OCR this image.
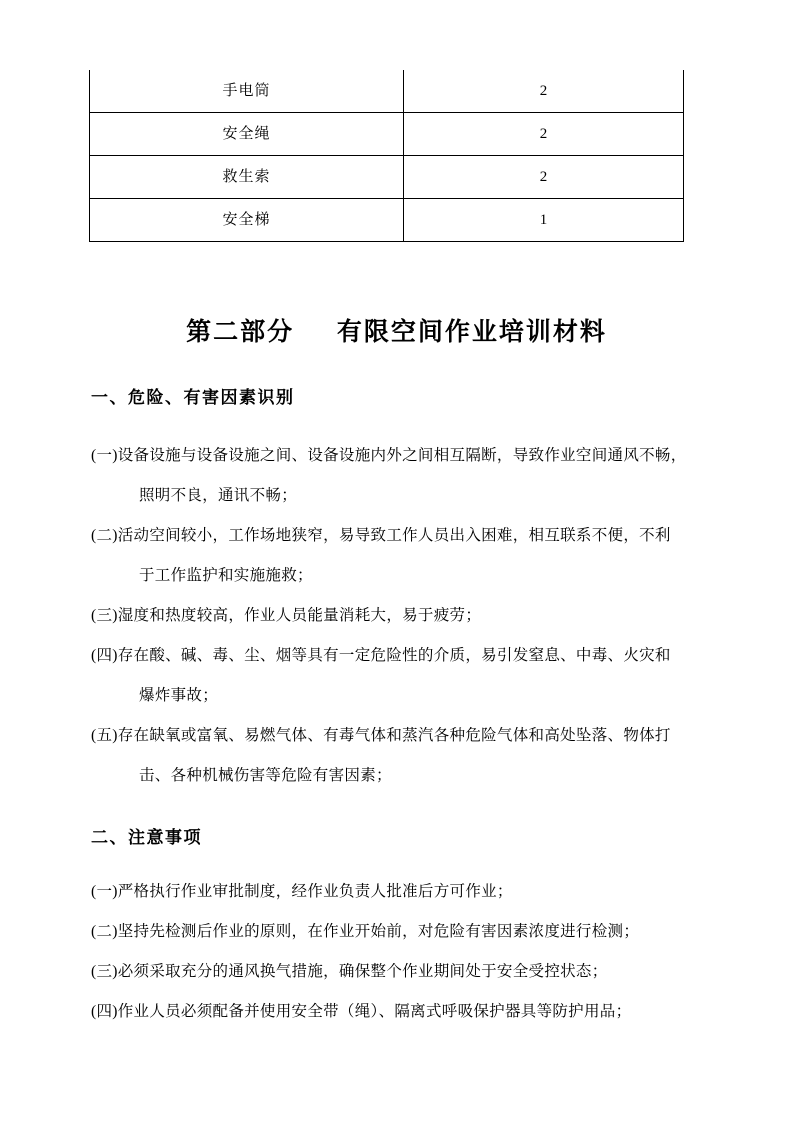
手电筒	2
安全绳	2
救生索	2
安全梯	1
第二部分    有限空间作业培训材料
一、危险、有害因素识别
(一)设备设施与设备设施之间、设备设施内外之间相互隔断，导致作业空间通风不畅，
照明不良，通讯不畅；
(二)活动空间较小，工作场地狭窄，易导致工作人员出入困难，相互联系不便，不利
于工作监护和实施施救；
(三)湿度和热度较高，作业人员能量消耗大，易于疲劳；
(四)存在酸、碱、毒、尘、烟等具有一定危险性的介质，易引发窒息、中毒、火灾和
爆炸事故；
(五)存在缺氧或富氧、易燃气体、有毒气体和蒸汽各种危险气体和高处坠落、物体打
击、各种机械伤害等危险有害因素；
二、注意事项
(一)严格执行作业审批制度，经作业负责人批准后方可作业；
(二)坚持先检测后作业的原则，在作业开始前，对危险有害因素浓度进行检测；
(三)必须采取充分的通风换气措施，确保整个作业期间处于安全受控状态；
(四)作业人员必须配备并使用安全带（绳）、隔离式呼吸保护器具等防护用品；
